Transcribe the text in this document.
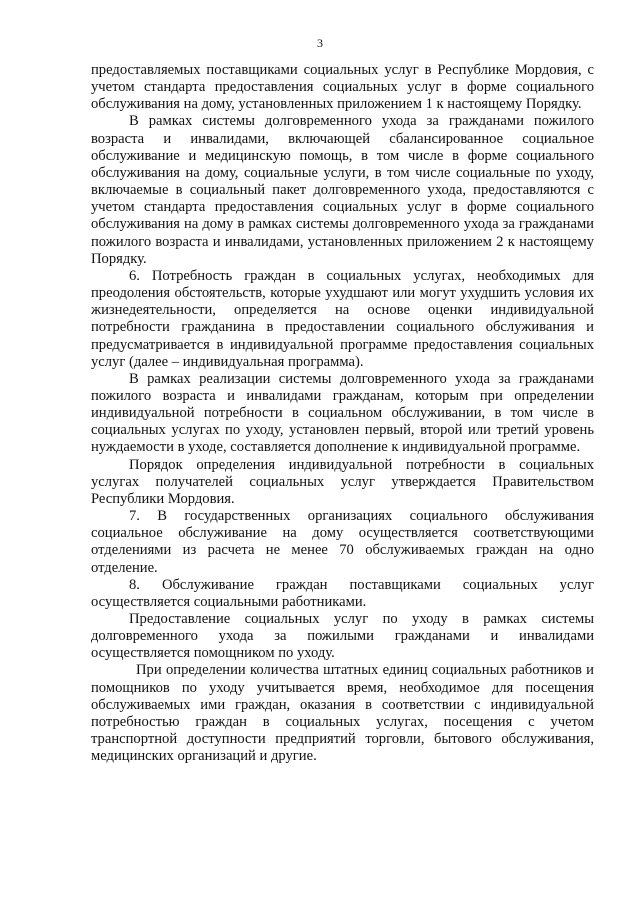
3

предоставляемых поставщиками социальных услуг в Республике Мордовия, с учетом стандарта предоставления социальных услуг в форме социального обслуживания на дому, установленных приложением 1 к настоящему Порядку.

В рамках системы долговременного ухода за гражданами пожилого возраста и инвалидами, включающей сбалансированное социальное обслуживание и медицинскую помощь, в том числе в форме социального обслуживания на дому, социальные услуги, в том числе социальные по уходу, включаемые в социальный пакет долговременного ухода, предоставляются с учетом стандарта предоставления социальных услуг в форме социального обслуживания на дому в рамках системы долговременного ухода за гражданами пожилого возраста и инвалидами, установленных приложением 2 к настоящему Порядку.

6. Потребность граждан в социальных услугах, необходимых для преодоления обстоятельств, которые ухудшают или могут ухудшить условия их жизнедеятельности, определяется на основе оценки индивидуальной потребности гражданина в предоставлении социального обслуживания и предусматривается в индивидуальной программе предоставления социальных услуг (далее – индивидуальная программа).

В рамках реализации системы долговременного ухода за гражданами пожилого возраста и инвалидами гражданам, которым при определении индивидуальной потребности в социальном обслуживании, в том числе в социальных услугах по уходу, установлен первый, второй или третий уровень нуждаемости в уходе, составляется дополнение к индивидуальной программе.

Порядок определения индивидуальной потребности в социальных услугах получателей социальных услуг утверждается Правительством Республики Мордовия.

7. В государственных организациях социального обслуживания социальное обслуживание на дому осуществляется соответствующими отделениями из расчета не менее 70 обслуживаемых граждан на одно отделение.

8. Обслуживание граждан поставщиками социальных услуг осуществляется социальными работниками.

Предоставление социальных услуг по уходу в рамках системы долговременного ухода за пожилыми гражданами и инвалидами осуществляется помощником по уходу.

При определении количества штатных единиц социальных работников и помощников по уходу учитывается время, необходимое для посещения обслуживаемых ими граждан, оказания в соответствии с индивидуальной потребностью граждан в социальных услугах, посещения с учетом транспортной доступности предприятий торговли, бытового обслуживания, медицинских организаций и другие.
